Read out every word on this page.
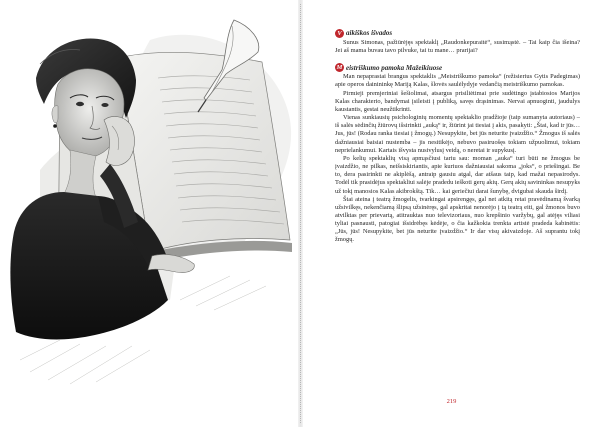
V aikiškos išvados

Sunus Simonas, pažiūrėjęs spektaklį „Raudonkepuraitė“, susimąstė. – Tai kaip čia išeina? Jei aš mama buvau tavo pilvuke, tai tu mane… prarijai?

M eistriškumo pamoka Mažeikiuose

Man nepaprastai brangus spektaklis „Meistriškumo pamoka“ (režisierius Gytis Padegimas) apie operos dainininkę Mariją Kalas, šlovės saulėlydyje vedančią meistriškumo pamokas.

Pirmieji premjeriniai šešiolimai, atsargus prisiliėtimai prie sudėtingo įstabiosios Marijos Kalas charakterio, bandymai įsileisti į publiką, savęs drąsinimas. Nervai apnuoginti, jaudulys kaustantis, gestai neužtikrinti.

Vienas sunkiausių psichologinių momentų spektaklio pradžioje (taip sumanyta autoriaus) – iš salės sėdinčių žiūrovų išsirinkti „auką“ ir, žiūrint jai tiesiai į akis, pasakyti: „Štai, kad ir jūs… Jus, jūs! (Rodau ranka tiesiai į žmogų.) Nesupykite, bet jūs neturite įvaizdžio.“ Žmogus iš salės dažniausiai baisiai nustemba – jis nesitikėjo, nebuvo pasiruošęs tokiam užpuolimui, tokiam neprielankumui. Kartais išvysta nusivylusį veidą, o neretai ir supykusį.

Po kelių spektaklių visą apmąsčiusi tariu sau: moman „auka“ turi būti ne žmogus be įvaizdžio, ne pilkas, neišsiskiriantis, apie kuriuos dažniausiai sakoma „joks“, o priešingai. Be to, dera pasirinkti ne akiplėšą, antraip gausiu atgal, dar atšaus taip, kad mažai nepasirodys. Todėl tik prasidėjus spektakliui salėje pradedu ieškoti gerų akių. Gerų akių savininkas nesupyks už tokį manosios Kalas akibrokštą. Tik… kai geriečiui darai šunybę, dvigubai skauda širdį.

Štai ateina į teatrą žmogelis, tvarkingai apsirengęs, gal net atkitą retai pravėdinamą švarką užsivilkęs, nekenčiamą šlipsą užsinėręs, gal apskritai nenorėjo į tą teatrą eiti, gal žmonos buvo atvilktas per prievartą, atitrauktas nuo televizoriaus, nuo krepšinio varžybų, gal atėjęs viliasi tyliai pasnausti, patogiai išsidrėbęs kėdėje, o čia kažkokia trenkta artistė pradeda kabinėtis: „Jūs, jūs! Nesupykite, bet jūs neturite įvaizdžio.“ Ir dar visų akivaizdoje. Aš suprantu tokį žmogų.

219
